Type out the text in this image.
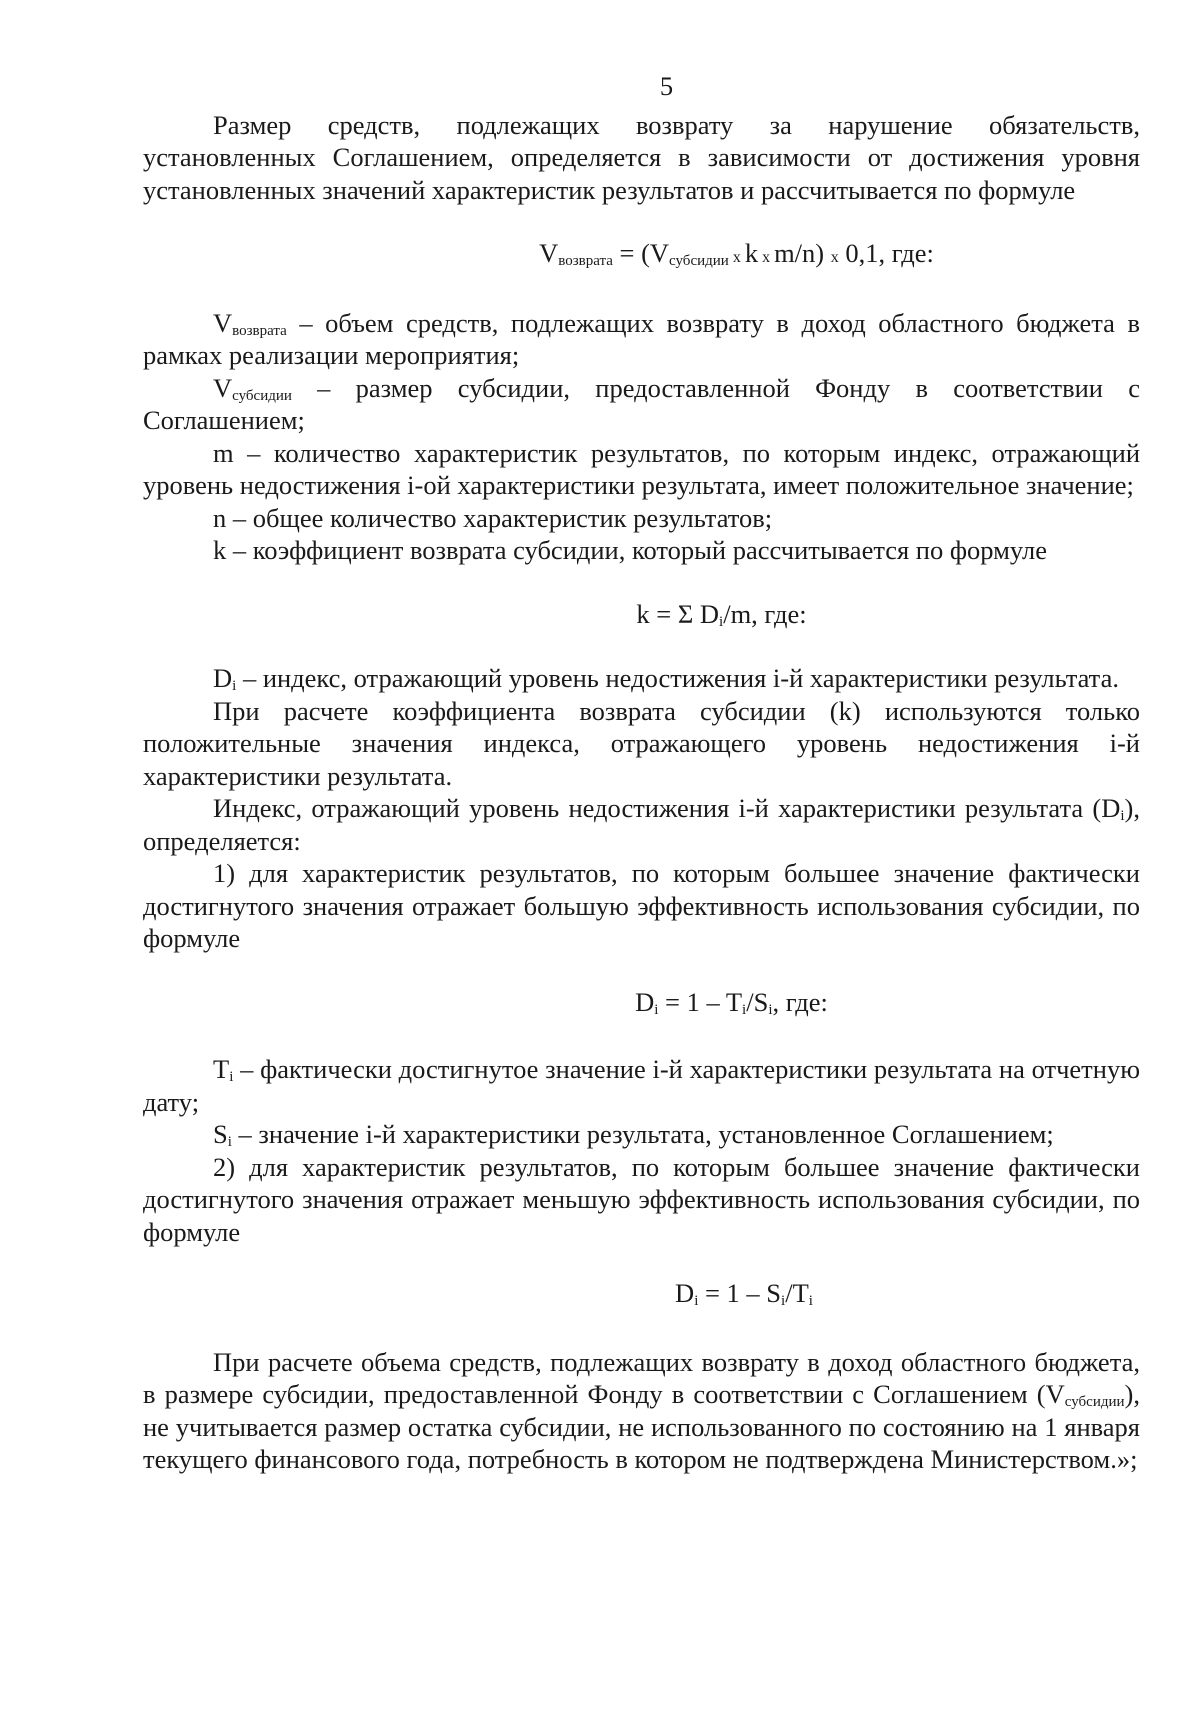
5

Размер средств, подлежащих возврату за нарушение обязательств, установленных Соглашением, определяется в зависимости от достижения уровня установленных значений характеристик результатов и рассчитывается по формуле

$V_{возврата} = (V_{субсидии}$ x k x m/n) x 0,1, где:

$V_{возврата}$ – объем средств, подлежащих возврату в доход областного бюджета в рамках реализации мероприятия;

$V_{субсидии}$ – размер субсидии, предоставленной Фонду в соответствии с Соглашением;

m – количество характеристик результатов, по которым индекс, отражающий уровень недостижения i-ой характеристики результата, имеет положительное значение;

n – общее количество характеристик результатов;

k – коэффициент возврата субсидии, который рассчитывается по формуле

k = Σ $D_i/m$, где:

$D_i$ – индекс, отражающий уровень недостижения i-й характеристики результата.

При расчете коэффициента возврата субсидии (k) используются только положительные значения индекса, отражающего уровень недостижения i-й характеристики результата.

Индекс, отражающий уровень недостижения i-й характеристики результата $(D_i)$, определяется:

1) для характеристик результатов, по которым большее значение фактически достигнутого значения отражает большую эффективность использования субсидии, по формуле

$D_i = 1 - T_i/S_i$, где:

$T_i$ – фактически достигнутое значение i-й характеристики результата на отчетную дату;

$S_i$ – значение i-й характеристики результата, установленное Соглашением;

2) для характеристик результатов, по которым большее значение фактически достигнутого значения отражает меньшую эффективность использования субсидии, по формуле

$D_i = 1 - S_i/T_i$

При расчете объема средств, подлежащих возврату в доход областного бюджета, в размере субсидии, предоставленной Фонду в соответствии с Соглашением $(V_{субсидии})$, не учитывается размер остатка субсидии, не использованного по состоянию на 1 января текущего финансового года, потребность в котором не подтверждена Министерством.»;
